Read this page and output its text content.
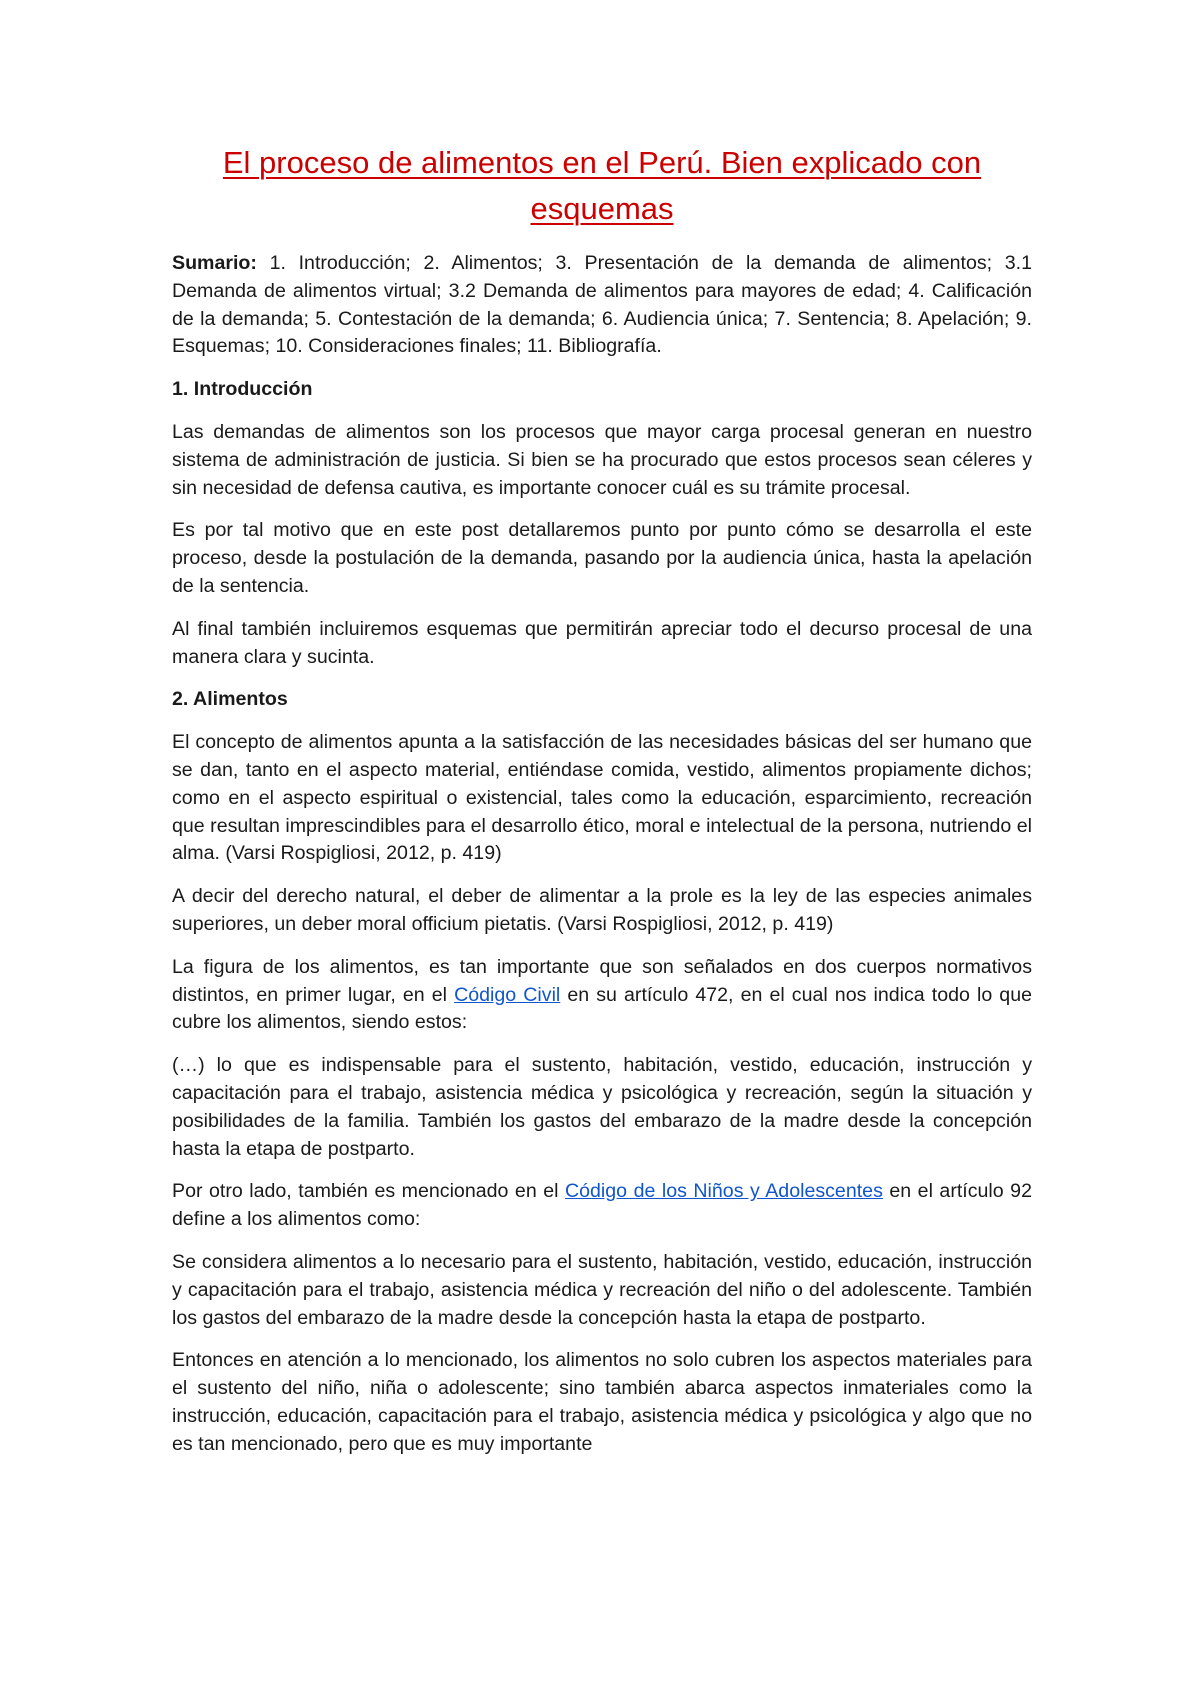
El proceso de alimentos en el Perú. Bien explicado con esquemas

Sumario: 1. Introducción; 2. Alimentos; 3. Presentación de la demanda de alimentos; 3.1 Demanda de alimentos virtual; 3.2 Demanda de alimentos para mayores de edad; 4. Calificación de la demanda; 5. Contestación de la demanda; 6. Audiencia única; 7. Sentencia; 8. Apelación; 9. Esquemas; 10. Consideraciones finales; 11. Bibliografía.

1. Introducción

Las demandas de alimentos son los procesos que mayor carga procesal generan en nuestro sistema de administración de justicia. Si bien se ha procurado que estos procesos sean céleres y sin necesidad de defensa cautiva, es importante conocer cuál es su trámite procesal.

Es por tal motivo que en este post detallaremos punto por punto cómo se desarrolla el este proceso, desde la postulación de la demanda, pasando por la audiencia única, hasta la apelación de la sentencia.

Al final también incluiremos esquemas que permitirán apreciar todo el decurso procesal de una manera clara y sucinta.

2. Alimentos

El concepto de alimentos apunta a la satisfacción de las necesidades básicas del ser humano que se dan, tanto en el aspecto material, entiéndase comida, vestido, alimentos propiamente dichos; como en el aspecto espiritual o existencial, tales como la educación, esparcimiento, recreación que resultan imprescindibles para el desarrollo ético, moral e intelectual de la persona, nutriendo el alma. (Varsi Rospigliosi, 2012, p. 419)

A decir del derecho natural, el deber de alimentar a la prole es la ley de las especies animales superiores, un deber moral officium pietatis. (Varsi Rospigliosi, 2012, p. 419)

La figura de los alimentos, es tan importante que son señalados en dos cuerpos normativos distintos, en primer lugar, en el Código Civil en su artículo 472, en el cual nos indica todo lo que cubre los alimentos, siendo estos:

(…) lo que es indispensable para el sustento, habitación, vestido, educación, instrucción y capacitación para el trabajo, asistencia médica y psicológica y recreación, según la situación y posibilidades de la familia. También los gastos del embarazo de la madre desde la concepción hasta la etapa de postparto.

Por otro lado, también es mencionado en el Código de los Niños y Adolescentes en el artículo 92 define a los alimentos como:

Se considera alimentos a lo necesario para el sustento, habitación, vestido, educación, instrucción y capacitación para el trabajo, asistencia médica y recreación del niño o del adolescente. También los gastos del embarazo de la madre desde la concepción hasta la etapa de postparto.

Entonces en atención a lo mencionado, los alimentos no solo cubren los aspectos materiales para el sustento del niño, niña o adolescente; sino también abarca aspectos inmateriales como la instrucción, educación, capacitación para el trabajo, asistencia médica y psicológica y algo que no es tan mencionado, pero que es muy importante
